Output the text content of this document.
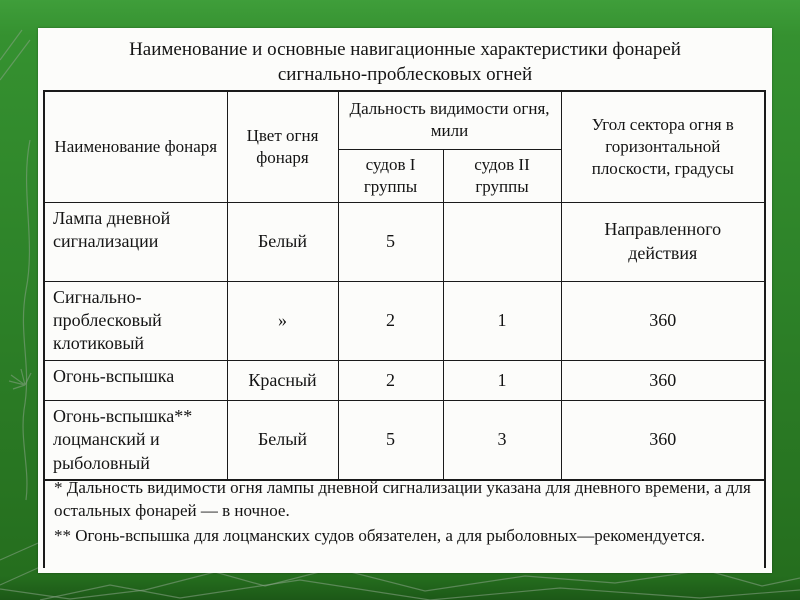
Наименование и основные навигационные характеристики фонарей
сигнально-проблесковых огней
Наименование фонаря	Цвет огня фонаря	Дальность видимости огня, мили		Угол сектора огня в горизонтальной плоскости, градусы
		судов I группы	судов II группы	
Лампа дневной сигнализации	Белый	5		Направленного действия
Сигнально-проблесковый клотиковый	»	2	1	360
Огонь-вспышка	Красный	2	1	360
Огонь-вспышка** лоцманский и рыболовный	Белый	5	3	360

* Дальность видимости огня лампы дневной сигнализации указана для дневного времени, а для остальных фонарей — в ночное.

** Огонь-вспышка для лоцманских судов обязателен, а для рыболовных—рекомендуется.
